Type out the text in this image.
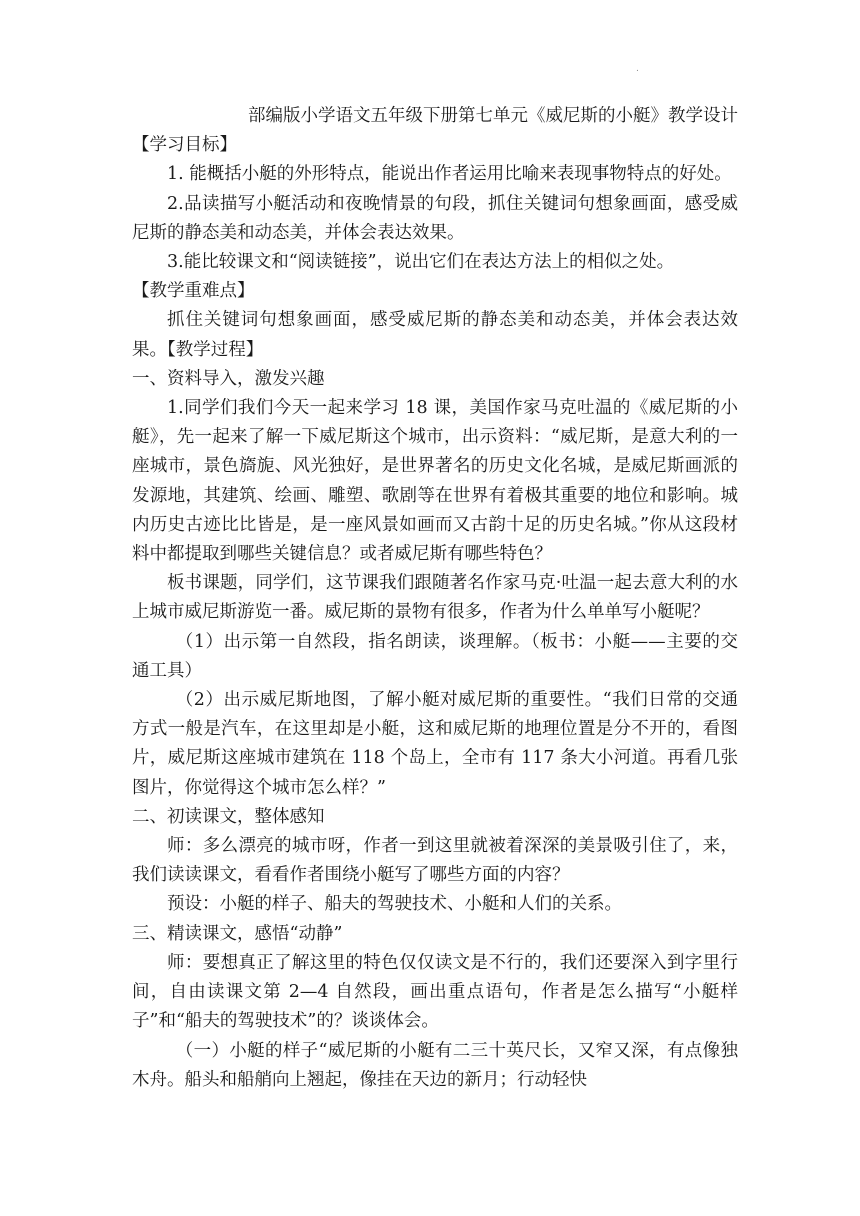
.
部编版小学语文五年级下册第七单元《威尼斯的小艇》教学设计

【学习目标】

1. 能概括小艇的外形特点，能说出作者运用比喻来表现事物特点的好处。

2.品读描写小艇活动和夜晚情景的句段，抓住关键词句想象画面，感受威尼斯的静态美和动态美，并体会表达效果。

3.能比较课文和“阅读链接”，说出它们在表达方法上的相似之处。

【教学重难点】

抓住关键词句想象画面，感受威尼斯的静态美和动态美，并体会表达效果。【教学过程】

一、资料导入，激发兴趣

1.同学们我们今天一起来学习 18 课，美国作家马克吐温的《威尼斯的小艇》，先一起来了解一下威尼斯这个城市，出示资料：“威尼斯，是意大利的一座城市，景色旖旎、风光独好，是世界著名的历史文化名城，是威尼斯画派的发源地，其建筑、绘画、雕塑、歌剧等在世界有着极其重要的地位和影响。城内历史古迹比比皆是，是一座风景如画而又古韵十足的历史名城。”你从这段材料中都提取到哪些关键信息？或者威尼斯有哪些特色？

板书课题，同学们，这节课我们跟随著名作家马克·吐温一起去意大利的水上城市威尼斯游览一番。威尼斯的景物有很多，作者为什么单单写小艇呢？

（1）出示第一自然段，指名朗读，谈理解。（板书：小艇——主要的交通工具）

（2）出示威尼斯地图，了解小艇对威尼斯的重要性。“我们日常的交通方式一般是汽车，在这里却是小艇，这和威尼斯的地理位置是分不开的，看图片，威尼斯这座城市建筑在 118 个岛上，全市有 117 条大小河道。再看几张图片，你觉得这个城市怎么样？”

二、初读课文，整体感知

师：多么漂亮的城市呀，作者一到这里就被着深深的美景吸引住了，来，我们读读课文，看看作者围绕小艇写了哪些方面的内容？

预设：小艇的样子、船夫的驾驶技术、小艇和人们的关系。

三、精读课文，感悟“动静”

师：要想真正了解这里的特色仅仅读文是不行的，我们还要深入到字里行间，自由读课文第 2—4 自然段，画出重点语句，作者是怎么描写“小艇样子”和“船夫的驾驶技术”的？谈谈体会。

（一）小艇的样子“威尼斯的小艇有二三十英尺长，又窄又深，有点像独木舟。船头和船艄向上翘起，像挂在天边的新月；行动轻快
